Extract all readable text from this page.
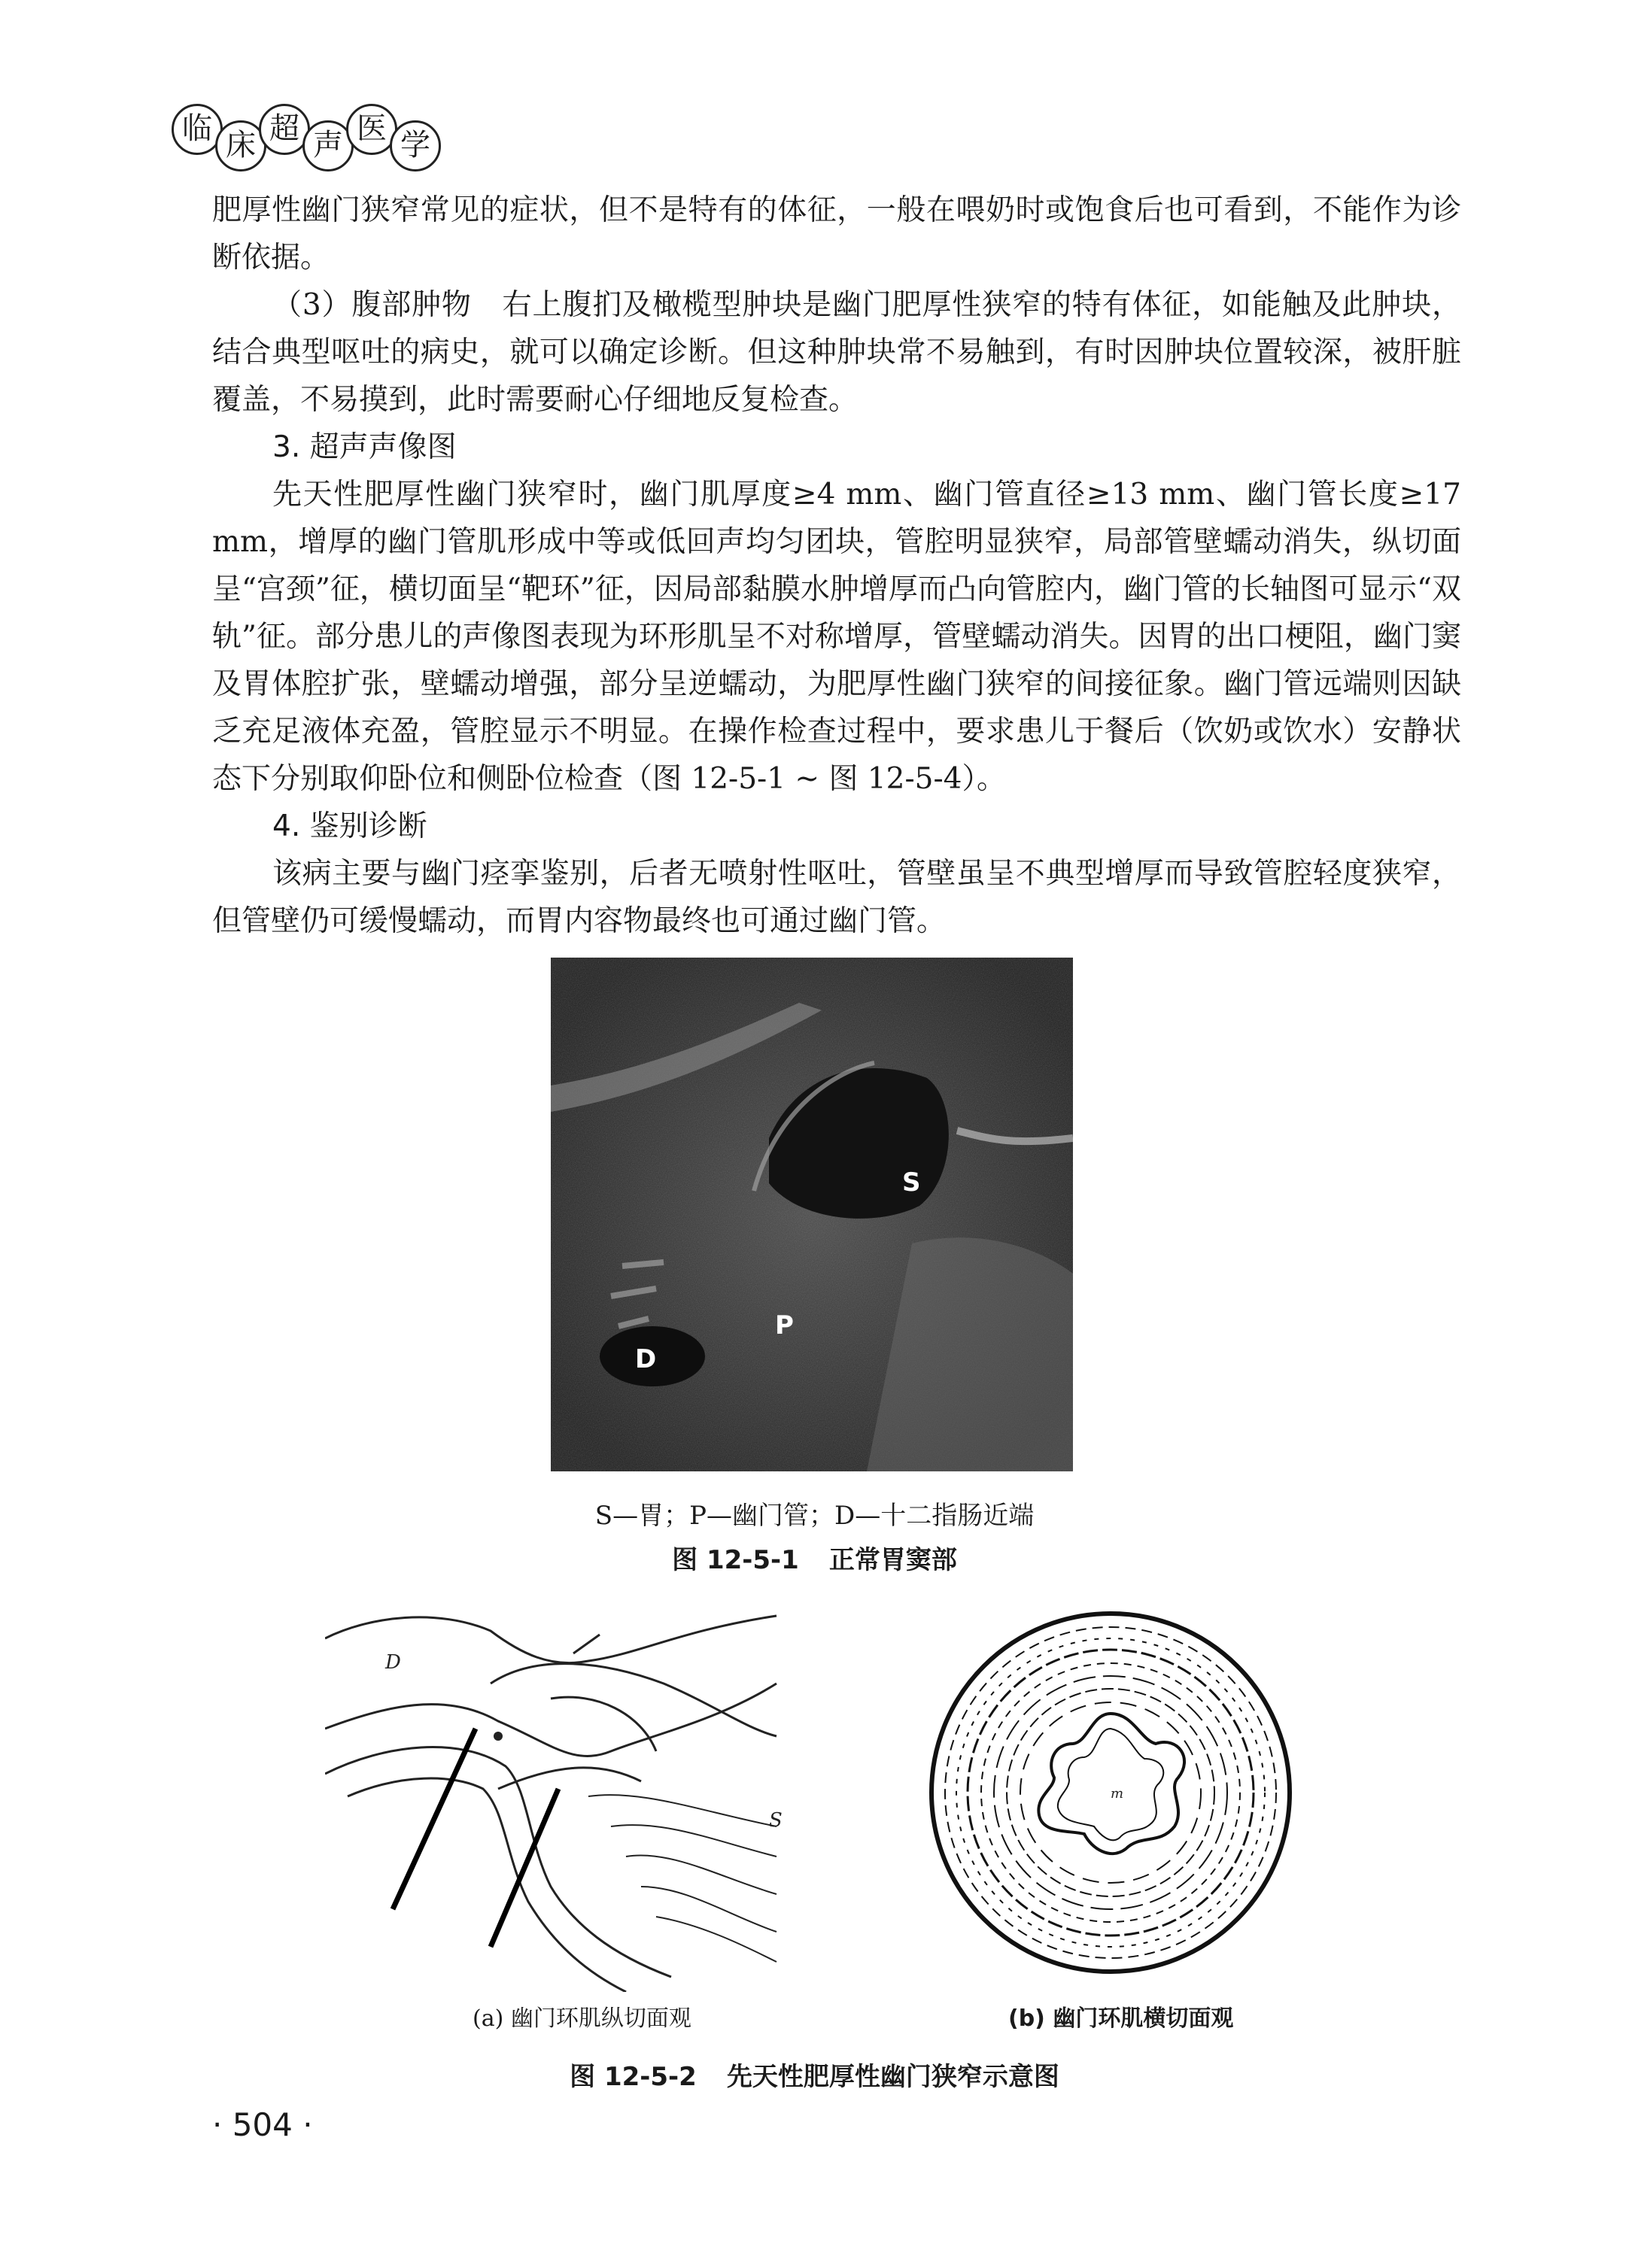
临 床 超 声 医 学

肥厚性幽门狭窄常见的症状，但不是特有的体征，一般在喂奶时或饱食后也可看到，不能作为诊断依据。

（3）腹部肿物 右上腹扪及橄榄型肿块是幽门肥厚性狭窄的特有体征，如能触及此肿块，结合典型呕吐的病史，就可以确定诊断。但这种肿块常不易触到，有时因肿块位置较深，被肝脏覆盖，不易摸到，此时需要耐心仔细地反复检查。

3. 超声声像图

先天性肥厚性幽门狭窄时，幽门肌厚度≥4 mm、幽门管直径≥13 mm、幽门管长度≥17 mm，增厚的幽门管肌形成中等或低回声均匀团块，管腔明显狭窄，局部管壁蠕动消失，纵切面呈“宫颈”征，横切面呈“靶环”征，因局部黏膜水肿增厚而凸向管腔内，幽门管的长轴图可显示“双轨”征。部分患儿的声像图表现为环形肌呈不对称增厚，管壁蠕动消失。因胃的出口梗阻，幽门窦及胃体腔扩张，壁蠕动增强，部分呈逆蠕动，为肥厚性幽门狭窄的间接征象。幽门管远端则因缺乏充足液体充盈，管腔显示不明显。在操作检查过程中，要求患儿于餐后（饮奶或饮水）安静状态下分别取仰卧位和侧卧位检查（图 12-5-1 ~ 图 12-5-4）。

4. 鉴别诊断

该病主要与幽门痉挛鉴别，后者无喷射性呕吐，管壁虽呈不典型增厚而导致管腔轻度狭窄，但管壁仍可缓慢蠕动，而胃内容物最终也可通过幽门管。

S
P
D
S—胃；P—幽门管；D—十二指肠近端
图 12-5-1 正常胃窦部
D
S
(a) 幽门环肌纵切面观
m
(b) 幽门环肌横切面观
图 12-5-2 先天性肥厚性幽门狭窄示意图
· 504 ·
